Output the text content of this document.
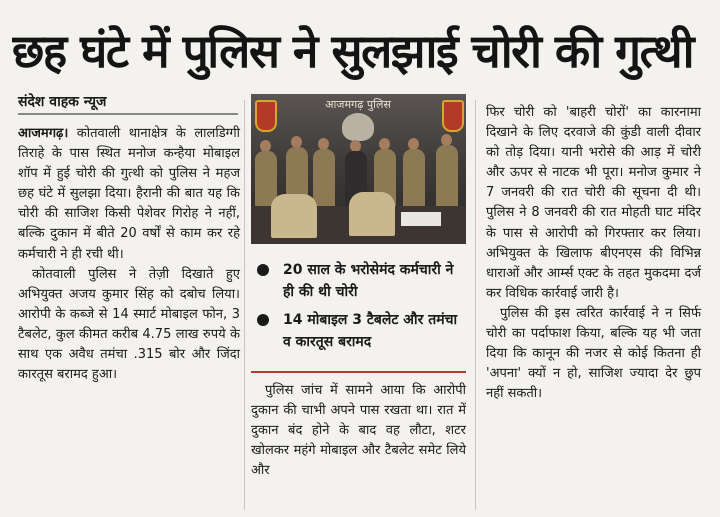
छह घंटे में पुलिस ने सुलझाई चोरी की गुत्थी
संदेश वाहक न्यूज

आजमगढ़। कोतवाली थानाक्षेत्र के लालडिग्गी तिराहे के पास स्थित मनोज कन्हैया मोबाइल शॉप में हुई चोरी की गुत्थी को पुलिस ने महज छह घंटे में सुलझा दिया। हैरानी की बात यह कि चोरी की साजिश किसी पेशेवर गिरोह ने नहीं, बल्कि दुकान में बीते 20 वर्षों से काम कर रहे कर्मचारी ने ही रची थी।

कोतवाली पुलिस ने तेज़ी दिखाते हुए अभियुक्त अजय कुमार सिंह को दबोच लिया। आरोपी के कब्जे से 14 स्मार्ट मोबाइल फोन, 3 टैबलेट, कुल कीमत करीब 4.75 लाख रुपये के साथ एक अवैध तमंचा .315 बोर और जिंदा कारतूस बरामद हुआ।

आजमगढ़ पुलिस
20 साल के भरोसेमंद कर्मचारी ने ही की थी चोरी
14 मोबाइल 3 टैबलेट और तमंचा व कारतूस बरामद

पुलिस जांच में सामने आया कि आरोपी दुकान की चाभी अपने पास रखता था। रात में दुकान बंद होने के बाद वह लौटा, शटर खोलकर महंगे मोबाइल और टैबलेट समेट लिये और

फिर चोरी को 'बाहरी चोरों' का कारनामा दिखाने के लिए दरवाजे की कुंडी वाली दीवार को तोड़ दिया। यानी भरोसे की आड़ में चोरी और ऊपर से नाटक भी पूरा। मनोज कुमार ने 7 जनवरी की रात चोरी की सूचना दी थी। पुलिस ने 8 जनवरी की रात मोहती घाट मंदिर के पास से आरोपी को गिरफ्तार कर लिया। अभियुक्त के खिलाफ बीएनएस की विभिन्न धाराओं और आर्म्स एक्ट के तहत मुकदमा दर्ज कर विधिक कार्रवाई जारी है।

पुलिस की इस त्वरित कार्रवाई ने न सिर्फ चोरी का पर्दाफाश किया, बल्कि यह भी जता दिया कि कानून की नजर से कोई कितना ही 'अपना' क्यों न हो, साजिश ज्यादा देर छुप नहीं सकती।
